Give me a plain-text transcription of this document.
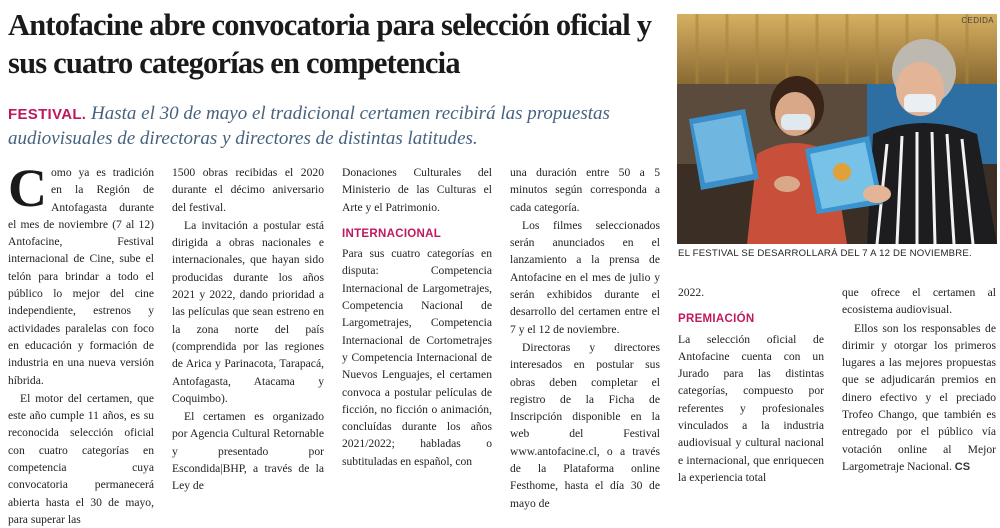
Antofacine abre convocatoria para selección oficial y sus cuatro categorías en competencia
FESTIVAL. Hasta el 30 de mayo el tradicional certamen recibirá las propuestas audiovisuales de directoras y directores de distintas latitudes.

Como ya es tradición en la Región de Antofagasta durante el mes de noviembre (7 al 12) Antofacine, Festival internacional de Cine, sube el telón para brindar a todo el público lo mejor del cine independiente, estrenos y actividades paralelas con foco en educación y formación de industria en una nueva versión híbrida.

El motor del certamen, que este año cumple 11 años, es su reconocida selección oficial con cuatro categorías en competencia cuya convocatoria permanecerá abierta hasta el 30 de mayo, para superar las

1500 obras recibidas el 2020 durante el décimo aniversario del festival.

La invitación a postular está dirigida a obras nacionales e internacionales, que hayan sido producidas durante los años 2021 y 2022, dando prioridad a las películas que sean estreno en la zona norte del país (comprendida por las regiones de Arica y Parinacota, Tarapacá, Antofagasta, Atacama y Coquimbo).

El certamen es organizado por Agencia Cultural Retornable y presentado por Escondida|BHP, a través de la Ley de

Donaciones Culturales del Ministerio de las Culturas el Arte y el Patrimonio.

INTERNACIONAL

Para sus cuatro categorías en disputa: Competencia Internacional de Largometrajes, Competencia Nacional de Largometrajes, Competencia Internacional de Cortometrajes y Competencia Internacional de Nuevos Lenguajes, el certamen convoca a postular películas de ficción, no ficción o animación, concluídas durante los años 2021/2022; habladas o subtituladas en español, con

una duración entre 50 a 5 minutos según corresponda a cada categoría.

Los filmes seleccionados serán anunciados en el lanzamiento a la prensa de Antofacine en el mes de julio y serán exhibidos durante el desarrollo del certamen entre el 7 y el 12 de noviembre.

Directoras y directores interesados en postular sus obras deben completar el registro de la Ficha de Inscripción disponible en la web del Festival www.antofacine.cl, o a través de la Plataforma online Festhome, hasta el día 30 de mayo de

CEDIDA
EL FESTIVAL SE DESARROLLARÁ DEL 7 A 12 DE NOVIEMBRE.

2022.

PREMIACIÓN

La selección oficial de Antofacine cuenta con un Jurado para las distintas categorías, compuesto por referentes y profesionales vinculados a la industria audiovisual y cultural nacional e internacional, que enriquecen la experiencia total

que ofrece el certamen al ecosistema audiovisual.

Ellos son los responsables de dirimir y otorgar los primeros lugares a las mejores propuestas que se adjudicarán premios en dinero efectivo y el preciado Trofeo Chango, que también es entregado por el público vía votación online al Mejor Largometraje Nacional. CS
